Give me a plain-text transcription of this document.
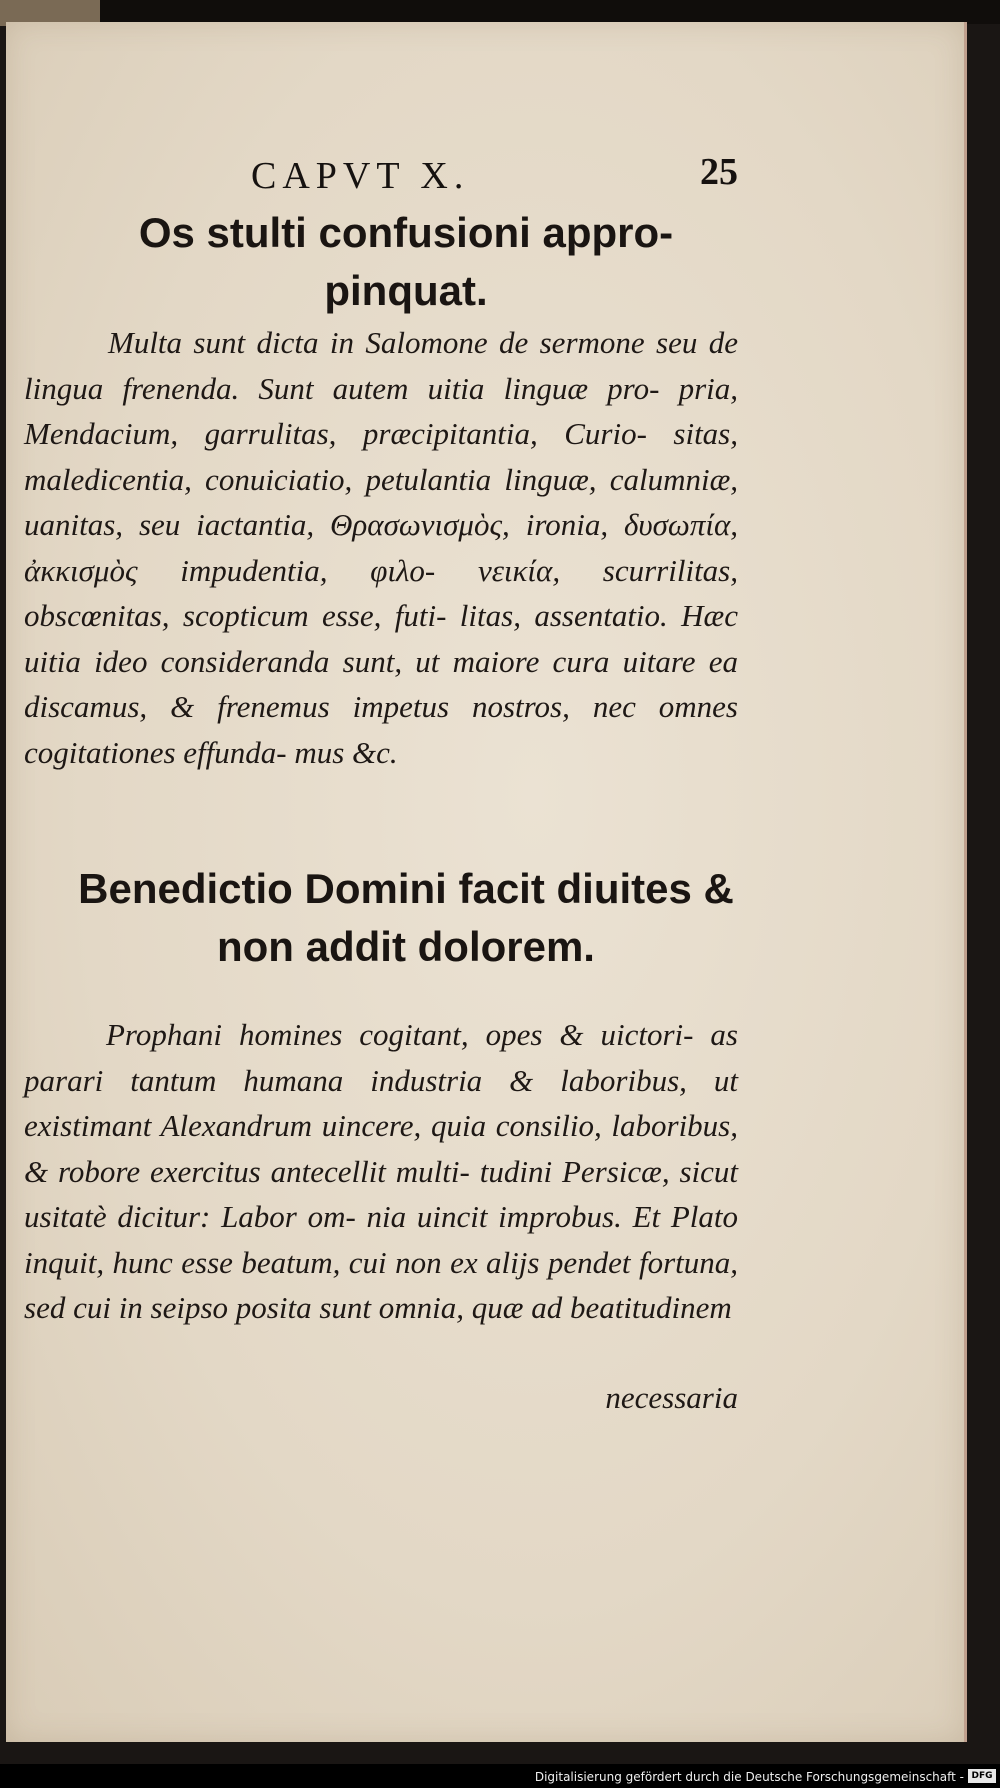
CAPVT X.	25
Os stulti confusioni appro- pinquat.
Multa sunt dicta in Salomone de sermone seu de lingua frenenda. Sunt autem uitia linguæ pro- pria, Mendacium, garrulitas, præcipitantia, Curio- sitas, maledicentia, conuiciatio, petulantia linguæ, calumniæ, uanitas, seu iactantia, Θρασωνισμὸς, ironia, δυσωπία, ἀκκισμὸς impudentia, φιλο- νεικία, scurrilitas, obscœnitas, scopticum esse, futi- litas, assentatio. Hæc uitia ideo consideranda sunt, ut maiore cura uitare ea discamus, & frenemus impetus nostros, nec omnes cogitationes effunda- mus &c.
Benedictio Domini facit diuites & non addit dolorem.
Prophani homines cogitant, opes & uictori- as parari tantum humana industria & laboribus, ut existimant Alexandrum uincere, quia consilio, laboribus, & robore exercitus antecellit multi- tudini Persicæ, sicut usitatè dicitur: Labor om- nia uincit improbus. Et Plato inquit, hunc esse beatum, cui non ex alijs pendet fortuna, sed cui in seipso posita sunt omnia, quæ ad beatitudinem
necessaria
Digitalisierung gefördert durch die Deutsche Forschungsgemeinschaft - DFG
